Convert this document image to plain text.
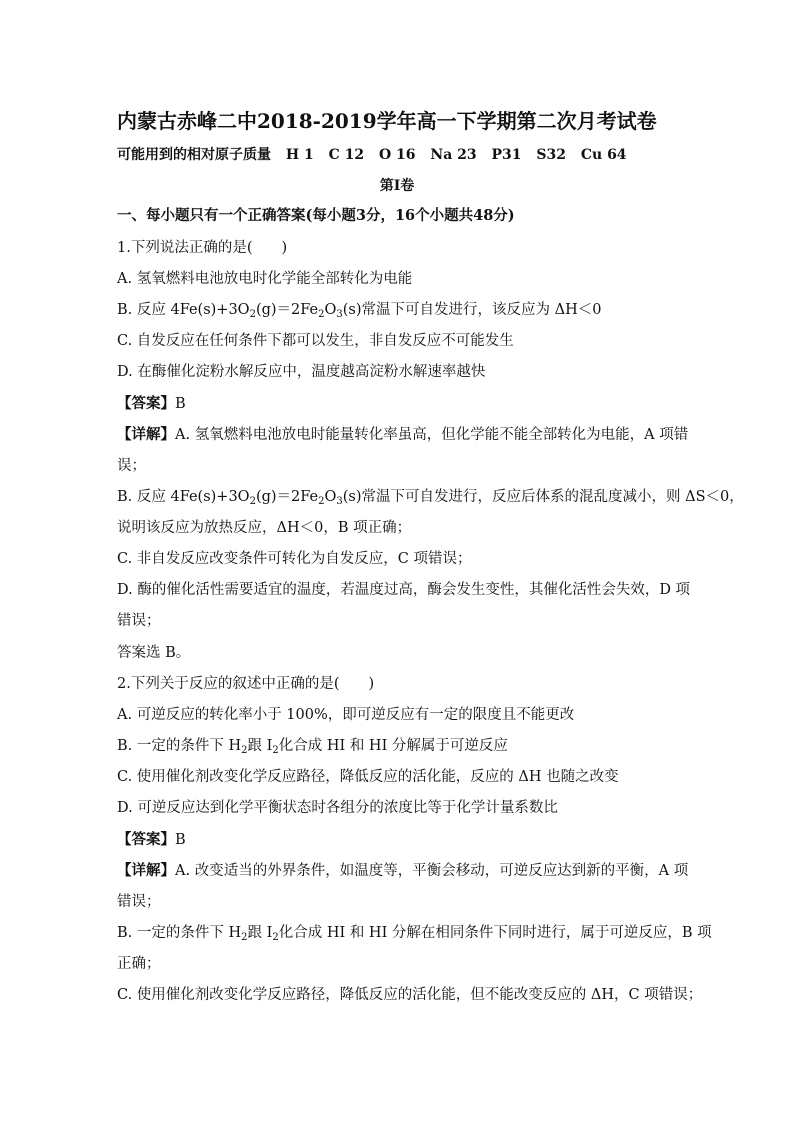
内蒙古赤峰二中2018-2019学年高一下学期第二次月考试卷
可能用到的相对原子质量 H 1 C 12 O 16 Na 23 P31 S32 Cu 64
第Ⅰ卷
一、每小题只有一个正确答案(每小题3分，16个小题共48分)
1.下列说法正确的是(　　)
A. 氢氧燃料电池放电时化学能全部转化为电能
B. 反应 $4Fe(s)+3O_2(g)=2Fe_2O_3(s)$常温下可自发进行，该反应为 ΔH＜0
C. 自发反应在任何条件下都可以发生，非自发反应不可能发生
D. 在酶催化淀粉水解反应中，温度越高淀粉水解速率越快
【答案】B
【详解】A. 氢氧燃料电池放电时能量转化率虽高，但化学能不能全部转化为电能，A 项错
误；
B. 反应 $4Fe(s)+3O_2(g)=2Fe_2O_3(s)$常温下可自发进行，反应后体系的混乱度减小，则 ΔS＜0，
说明该反应为放热反应，ΔH＜0，B 项正确；
C. 非自发反应改变条件可转化为自发反应，C 项错误；
D. 酶的催化活性需要适宜的温度，若温度过高，酶会发生变性，其催化活性会失效，D 项
错误；
答案选 B。
2.下列关于反应的叙述中正确的是(　　)
A. 可逆反应的转化率小于 100%，即可逆反应有一定的限度且不能更改
B. 一定的条件下 $H_2$跟 $I_2$化合成 HI 和 HI 分解属于可逆反应
C. 使用催化剂改变化学反应路径，降低反应的活化能，反应的 ΔH 也随之改变
D. 可逆反应达到化学平衡状态时各组分的浓度比等于化学计量系数比
【答案】B
【详解】A. 改变适当的外界条件，如温度等，平衡会移动，可逆反应达到新的平衡，A 项
错误；
B. 一定的条件下 $H_2$跟 $I_2$化合成 HI 和 HI 分解在相同条件下同时进行，属于可逆反应，B 项
正确；
C. 使用催化剂改变化学反应路径，降低反应的活化能，但不能改变反应的 ΔH，C 项错误；
